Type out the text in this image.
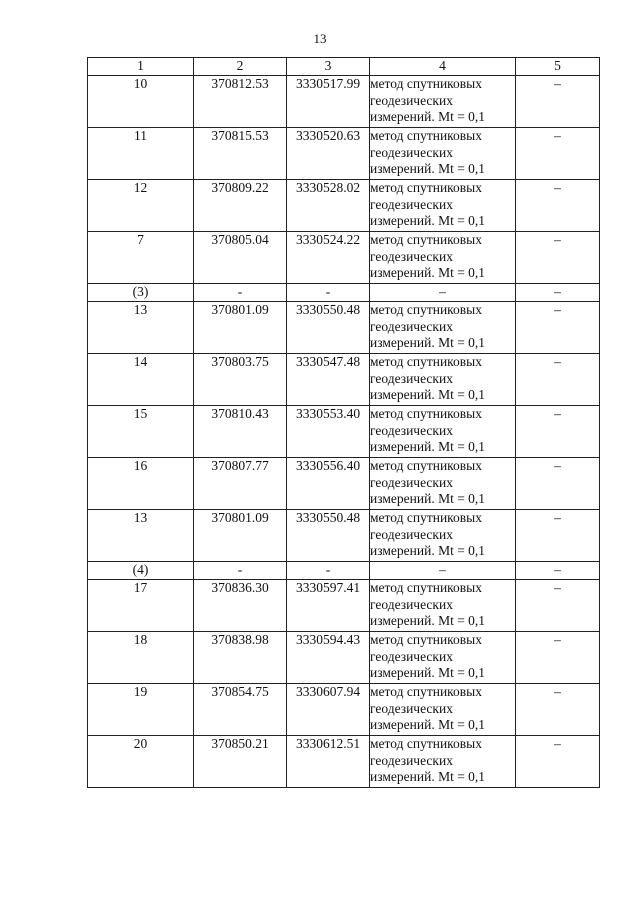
13
1	2	3	4	5
10	370812.53	3330517.99	метод спутниковых геодезических измерений. Mt = 0,1	–
11	370815.53	3330520.63	метод спутниковых геодезических измерений. Mt = 0,1	–
12	370809.22	3330528.02	метод спутниковых геодезических измерений. Mt = 0,1	–
7	370805.04	3330524.22	метод спутниковых геодезических измерений. Mt = 0,1	–
(3)	-	-	–	–
13	370801.09	3330550.48	метод спутниковых геодезических измерений. Mt = 0,1	–
14	370803.75	3330547.48	метод спутниковых геодезических измерений. Mt = 0,1	–
15	370810.43	3330553.40	метод спутниковых геодезических измерений. Mt = 0,1	–
16	370807.77	3330556.40	метод спутниковых геодезических измерений. Mt = 0,1	–
13	370801.09	3330550.48	метод спутниковых геодезических измерений. Mt = 0,1	–
(4)	-	-	–	–
17	370836.30	3330597.41	метод спутниковых геодезических измерений. Mt = 0,1	–
18	370838.98	3330594.43	метод спутниковых геодезических измерений. Mt = 0,1	–
19	370854.75	3330607.94	метод спутниковых геодезических измерений. Mt = 0,1	–
20	370850.21	3330612.51	метод спутниковых геодезических измерений. Mt = 0,1	–
